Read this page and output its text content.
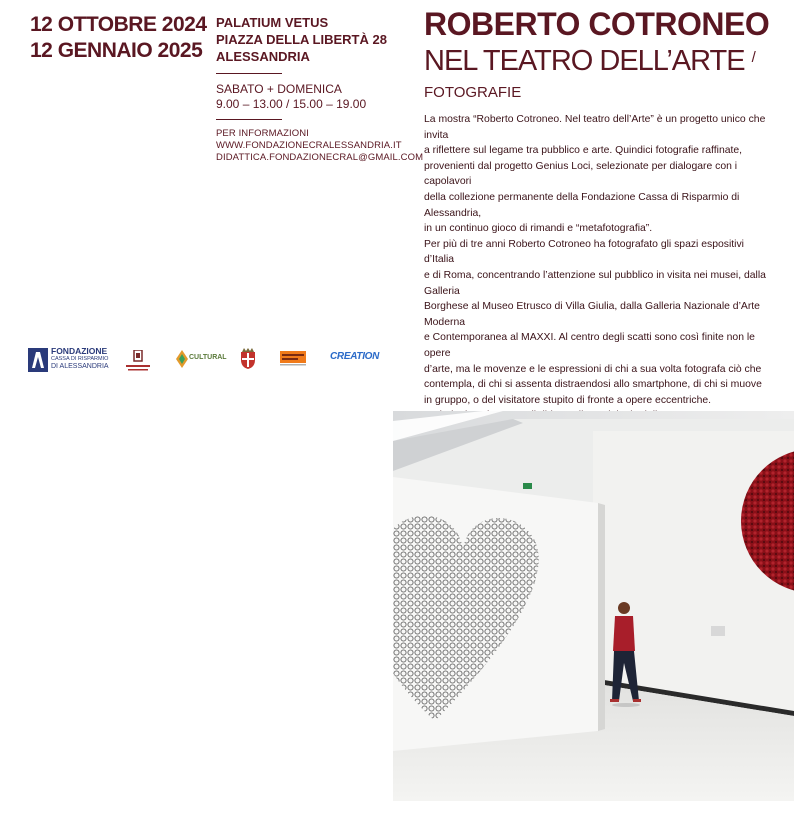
12 OTTOBRE 2024
12 GENNAIO 2025
PALATIUM VETUS
PIAZZA DELLA LIBERTÀ 28
ALESSANDRIA
SABATO + DOMENICA
9.00 – 13.00 / 15.00 – 19.00
PER INFORMAZIONI
WWW.FONDAZIONECRALESSANDRIA.IT
DIDATTICA.FONDAZIONECRAL@GMAIL.COM
ROBERTO COTRONEO
NEL TEATRO DELL’ARTE $^{/ FOTOGRAFIE}$

La mostra “Roberto Cotroneo. Nel teatro dell’Arte” è un progetto unico che invita

a riflettere sul legame tra pubblico e arte. Quindici fotografie raffinate,

provenienti dal progetto Genius Loci, selezionate per dialogare con i capolavori

della collezione permanente della Fondazione Cassa di Risparmio di Alessandria,

in un continuo gioco di rimandi e “metafotografia”.

Per più di tre anni Roberto Cotroneo ha fotografato gli spazi espositivi d’Italia

e di Roma, concentrando l’attenzione sul pubblico in visita nei musei, dalla Galleria

Borghese al Museo Etrusco di Villa Giulia, dalla Galleria Nazionale d’Arte Moderna

e Contemporanea al MAXXI. Al centro degli scatti sono così finite non le opere

d’arte, ma le movenze e le espressioni di chi a sua volta fotografa ciò che

contempla, di chi si assenta distraendosi allo smartphone, di chi si muove

in gruppo, o del visitatore stupito di fronte a opere eccentriche.

FONDAZIONE
CASSA DI RISPARMIO
DI ALESSANDRIA
CULTURAL	CREATION
